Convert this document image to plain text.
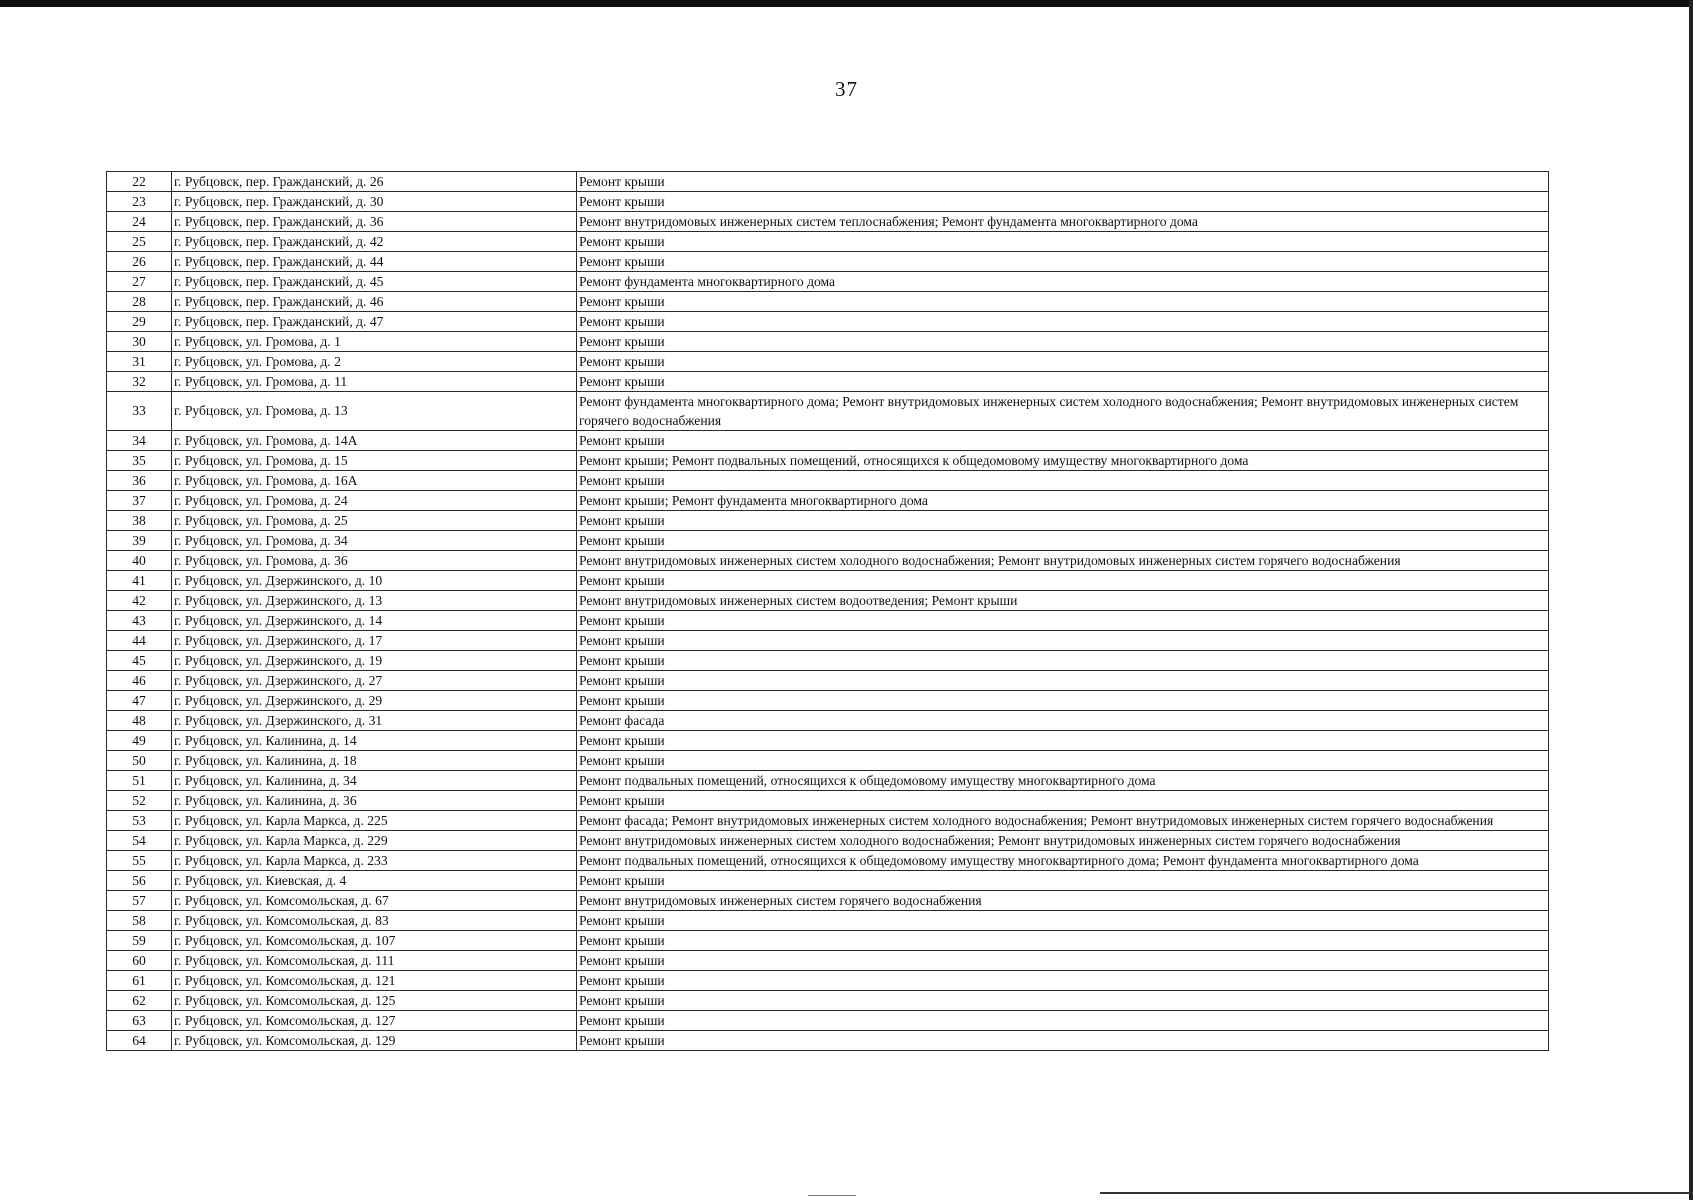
37
22	г. Рубцовск, пер. Гражданский, д. 26	Ремонт крыши
23	г. Рубцовск, пер. Гражданский, д. 30	Ремонт крыши
24	г. Рубцовск, пер. Гражданский, д. 36	Ремонт внутридомовых инженерных систем теплоснабжения; Ремонт фундамента многоквартирного дома
25	г. Рубцовск, пер. Гражданский, д. 42	Ремонт крыши
26	г. Рубцовск, пер. Гражданский, д. 44	Ремонт крыши
27	г. Рубцовск, пер. Гражданский, д. 45	Ремонт фундамента многоквартирного дома
28	г. Рубцовск, пер. Гражданский, д. 46	Ремонт крыши
29	г. Рубцовск, пер. Гражданский, д. 47	Ремонт крыши
30	г. Рубцовск, ул. Громова, д. 1	Ремонт крыши
31	г. Рубцовск, ул. Громова, д. 2	Ремонт крыши
32	г. Рубцовск, ул. Громова, д. 11	Ремонт крыши
33	г. Рубцовск, ул. Громова, д. 13	Ремонт фундамента многоквартирного дома; Ремонт внутридомовых инженерных систем холодного водоснабжения; Ремонт внутридомовых инженерных систем горячего водоснабжения
34	г. Рубцовск, ул. Громова, д. 14А	Ремонт крыши
35	г. Рубцовск, ул. Громова, д. 15	Ремонт крыши; Ремонт подвальных помещений, относящихся к общедомовому имуществу многоквартирного дома
36	г. Рубцовск, ул. Громова, д. 16А	Ремонт крыши
37	г. Рубцовск, ул. Громова, д. 24	Ремонт крыши; Ремонт фундамента многоквартирного дома
38	г. Рубцовск, ул. Громова, д. 25	Ремонт крыши
39	г. Рубцовск, ул. Громова, д. 34	Ремонт крыши
40	г. Рубцовск, ул. Громова, д. 36	Ремонт внутридомовых инженерных систем холодного водоснабжения; Ремонт внутридомовых инженерных систем горячего водоснабжения
41	г. Рубцовск, ул. Дзержинского, д. 10	Ремонт крыши
42	г. Рубцовск, ул. Дзержинского, д. 13	Ремонт внутридомовых инженерных систем водоотведения; Ремонт крыши
43	г. Рубцовск, ул. Дзержинского, д. 14	Ремонт крыши
44	г. Рубцовск, ул. Дзержинского, д. 17	Ремонт крыши
45	г. Рубцовск, ул. Дзержинского, д. 19	Ремонт крыши
46	г. Рубцовск, ул. Дзержинского, д. 27	Ремонт крыши
47	г. Рубцовск, ул. Дзержинского, д. 29	Ремонт крыши
48	г. Рубцовск, ул. Дзержинского, д. 31	Ремонт фасада
49	г. Рубцовск, ул. Калинина, д. 14	Ремонт крыши
50	г. Рубцовск, ул. Калинина, д. 18	Ремонт крыши
51	г. Рубцовск, ул. Калинина, д. 34	Ремонт подвальных помещений, относящихся к общедомовому имуществу многоквартирного дома
52	г. Рубцовск, ул. Калинина, д. 36	Ремонт крыши
53	г. Рубцовск, ул. Карла Маркса, д. 225	Ремонт фасада; Ремонт внутридомовых инженерных систем холодного водоснабжения; Ремонт внутридомовых инженерных систем горячего водоснабжения
54	г. Рубцовск, ул. Карла Маркса, д. 229	Ремонт внутридомовых инженерных систем холодного водоснабжения; Ремонт внутридомовых инженерных систем горячего водоснабжения
55	г. Рубцовск, ул. Карла Маркса, д. 233	Ремонт подвальных помещений, относящихся к общедомовому имуществу многоквартирного дома; Ремонт фундамента многоквартирного дома
56	г. Рубцовск, ул. Киевская, д. 4	Ремонт крыши
57	г. Рубцовск, ул. Комсомольская, д. 67	Ремонт внутридомовых инженерных систем горячего водоснабжения
58	г. Рубцовск, ул. Комсомольская, д. 83	Ремонт крыши
59	г. Рубцовск, ул. Комсомольская, д. 107	Ремонт крыши
60	г. Рубцовск, ул. Комсомольская, д. 111	Ремонт крыши
61	г. Рубцовск, ул. Комсомольская, д. 121	Ремонт крыши
62	г. Рубцовск, ул. Комсомольская, д. 125	Ремонт крыши
63	г. Рубцовск, ул. Комсомольская, д. 127	Ремонт крыши
64	г. Рубцовск, ул. Комсомольская, д. 129	Ремонт крыши
